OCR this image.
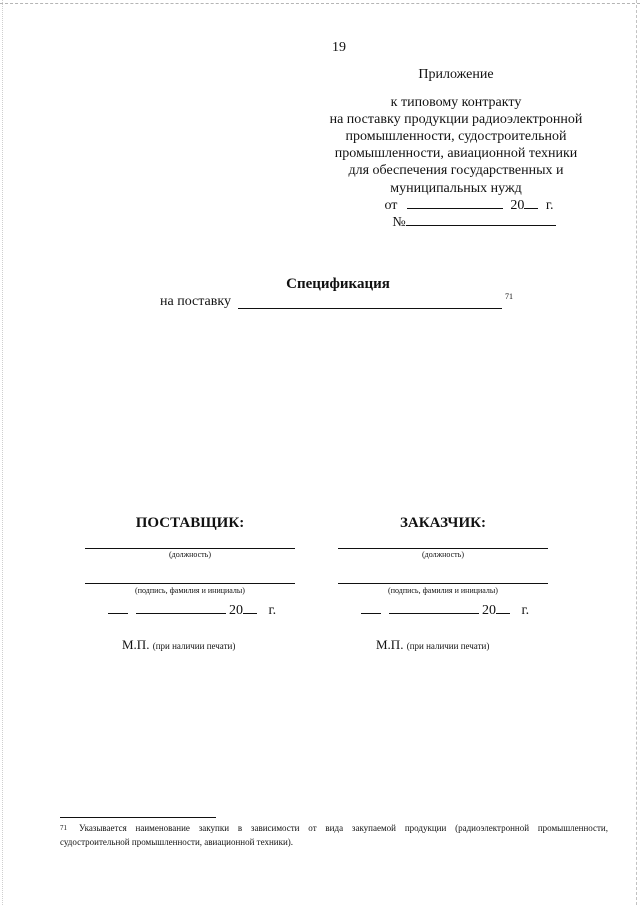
19
Приложение
к типовому контракту
на поставку продукции радиоэлектронной
промышленности, судостроительной
промышленности, авиационной техники
для обеспечения государственных и
муниципальных нужд
от	20 г.
№
Спецификация
на поставку	71
ПОСТАВЩИК:
(должность)
(подпись, фамилия и инициалы)
20 г.
М.П. (при наличии печати)
ЗАКАЗЧИК:
(должность)
(подпись, фамилия и инициалы)
20 г.
М.П. (при наличии печати)
$^{71}$ Указывается наименование закупки в зависимости от вида закупаемой продукции (радиоэлектронной промышленности, судостроительной промышленности, авиационной техники).
